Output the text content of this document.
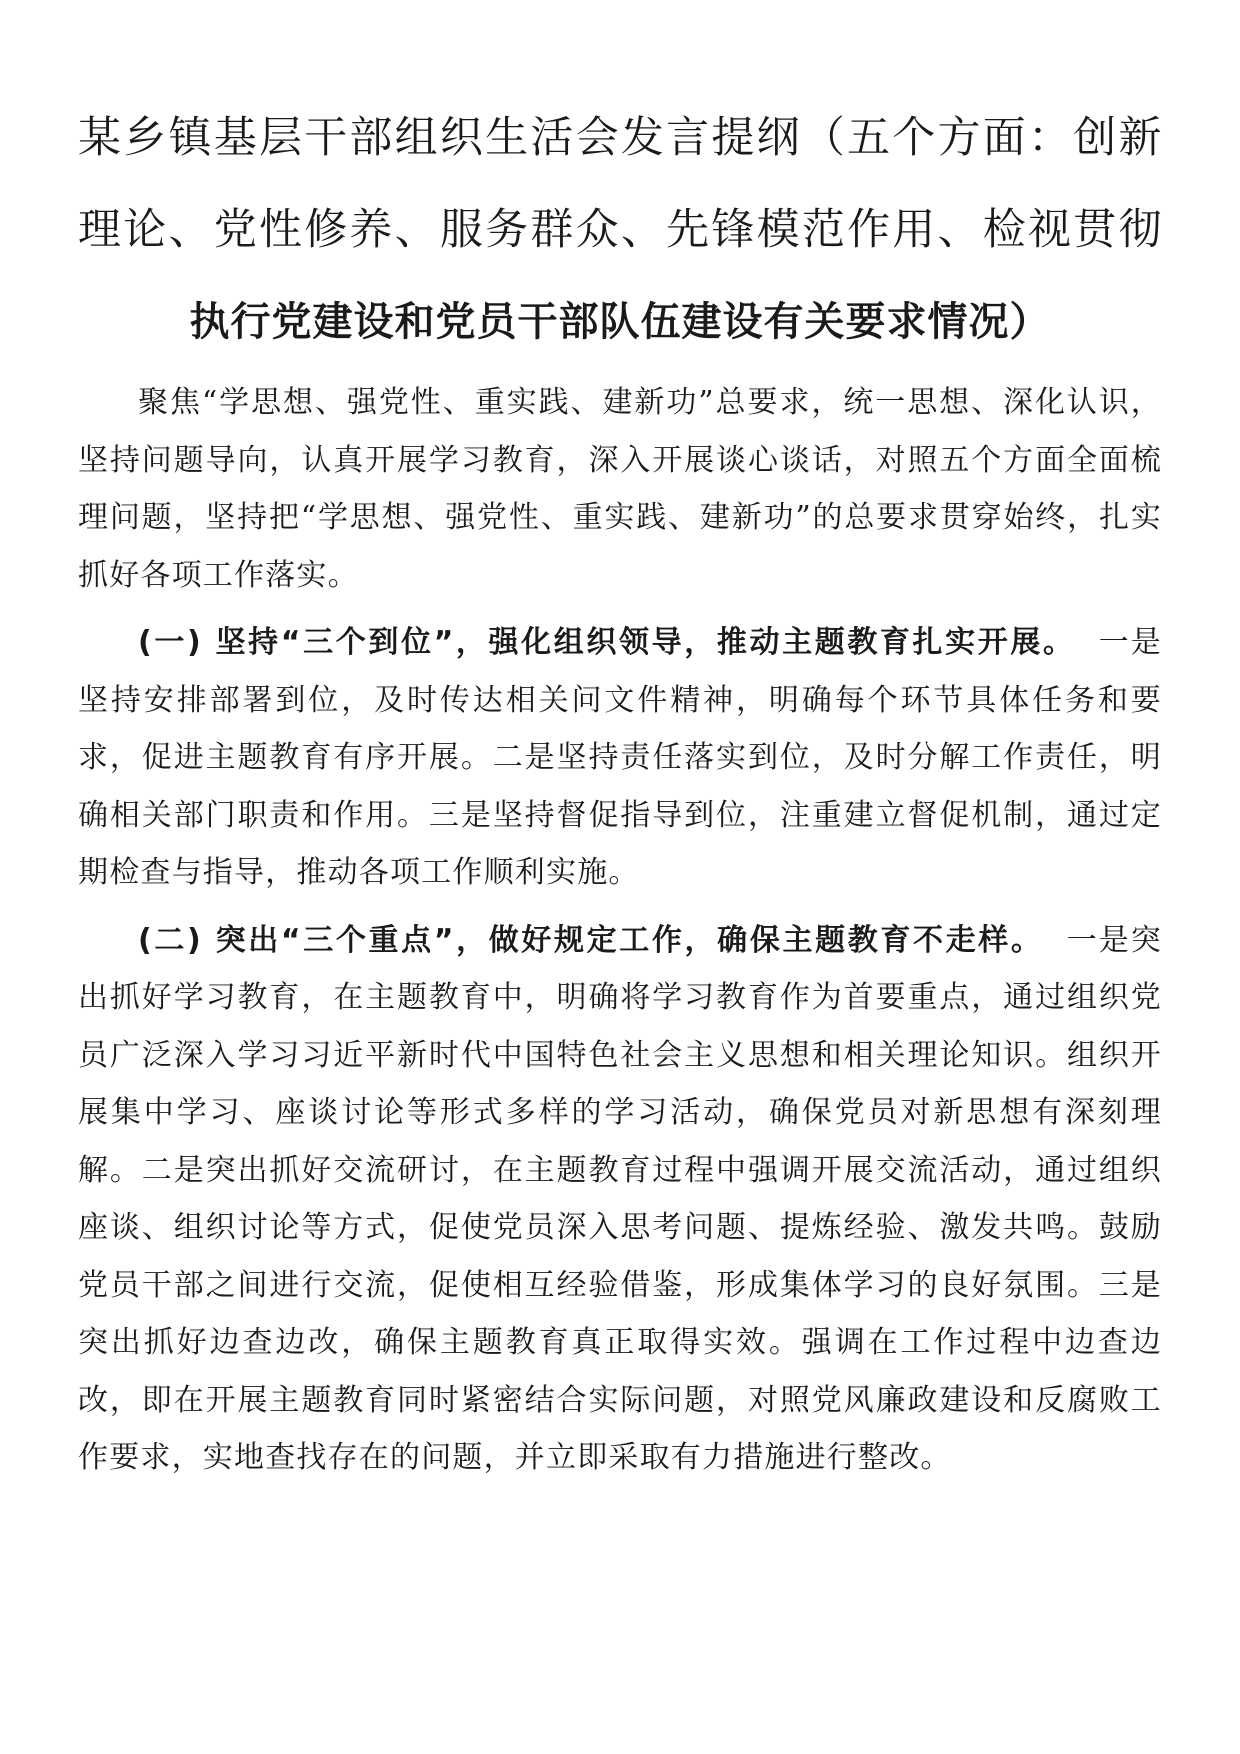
某乡镇基层干部组织生活会发言提纲（五个方面：创新

理论、党性修养、服务群众、先锋模范作用、检视贯彻

执行党建设和党员干部队伍建设有关要求情况）

聚焦“学思想、强党性、重实践、建新功”总要求，统一思想、深化认识，坚持问题导向，认真开展学习教育，深入开展谈心谈话，对照五个方面全面梳理问题，坚持把“学思想、强党性、重实践、建新功”的总要求贯穿始终，扎实抓好各项工作落实。

(一) 坚持“三个到位”，强化组织领导，推动主题教育扎实开展。 一是坚持安排部署到位，及时传达相关问文件精神，明确每个环节具体任务和要求，促进主题教育有序开展。二是坚持责任落实到位，及时分解工作责任，明确相关部门职责和作用。三是坚持督促指导到位，注重建立督促机制，通过定期检查与指导，推动各项工作顺利实施。

(二) 突出“三个重点”，做好规定工作，确保主题教育不走样。 一是突出抓好学习教育，在主题教育中，明确将学习教育作为首要重点，通过组织党员广泛深入学习习近平新时代中国特色社会主义思想和相关理论知识。组织开展集中学习、座谈讨论等形式多样的学习活动，确保党员对新思想有深刻理解。二是突出抓好交流研讨，在主题教育过程中强调开展交流活动，通过组织座谈、组织讨论等方式，促使党员深入思考问题、提炼经验、激发共鸣。鼓励党员干部之间进行交流，促使相互经验借鉴，形成集体学习的良好氛围。三是突出抓好边查边改，确保主题教育真正取得实效。强调在工作过程中边查边改，即在开展主题教育同时紧密结合实际问题，对照党风廉政建设和反腐败工作要求，实地查找存在的问题，并立即采取有力措施进行整改。
